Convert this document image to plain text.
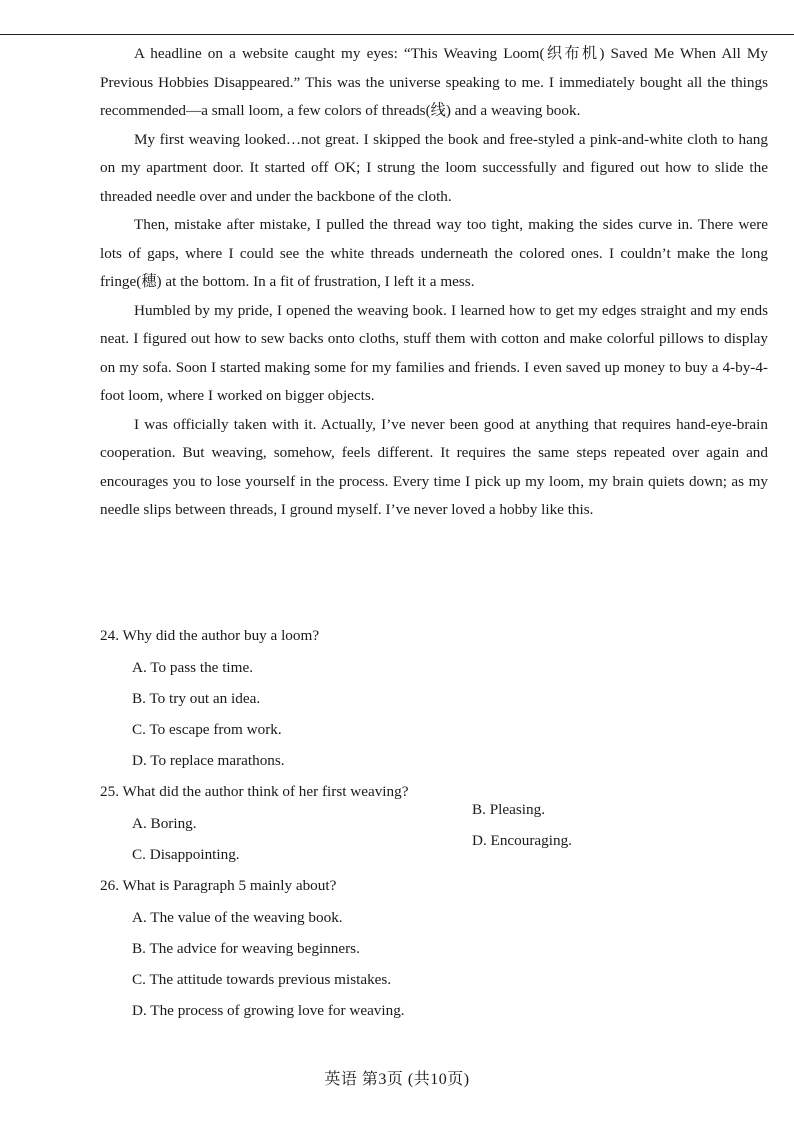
A headline on a website caught my eyes: “This Weaving Loom(织布机) Saved Me When All My Previous Hobbies Disappeared.” This was the universe speaking to me. I immediately bought all the things recommended—a small loom, a few colors of threads(线) and a weaving book.

My first weaving looked…not great. I skipped the book and free-styled a pink-and-white cloth to hang on my apartment door. It started off OK; I strung the loom successfully and figured out how to slide the threaded needle over and under the backbone of the cloth.

Then, mistake after mistake, I pulled the thread way too tight, making the sides curve in. There were lots of gaps, where I could see the white threads underneath the colored ones. I couldn’t make the long fringe(穗) at the bottom. In a fit of frustration, I left it a mess.

Humbled by my pride, I opened the weaving book. I learned how to get my edges straight and my ends neat. I figured out how to sew backs onto cloths, stuff them with cotton and make colorful pillows to display on my sofa. Soon I started making some for my families and friends. I even saved up money to buy a 4-by-4-foot loom, where I worked on bigger objects.

I was officially taken with it. Actually, I’ve never been good at anything that requires hand-eye-brain cooperation. But weaving, somehow, feels different. It requires the same steps repeated over again and encourages you to lose yourself in the process. Every time I pick up my loom, my brain quiets down; as my needle slips between threads, I ground myself. I’ve never loved a hobby like this.

24. Why did the author buy a loom?
A. To pass the time.
B. To try out an idea.
C. To escape from work.
D. To replace marathons.
25. What did the author think of her first weaving?
A. Boring.
B. Pleasing.
C. Disappointing.
D. Encouraging.
26. What is Paragraph 5 mainly about?
A. The value of the weaving book.
B. The advice for weaving beginners.
C. The attitude towards previous mistakes.
D. The process of growing love for weaving.
英语 第3页 (共10页)
